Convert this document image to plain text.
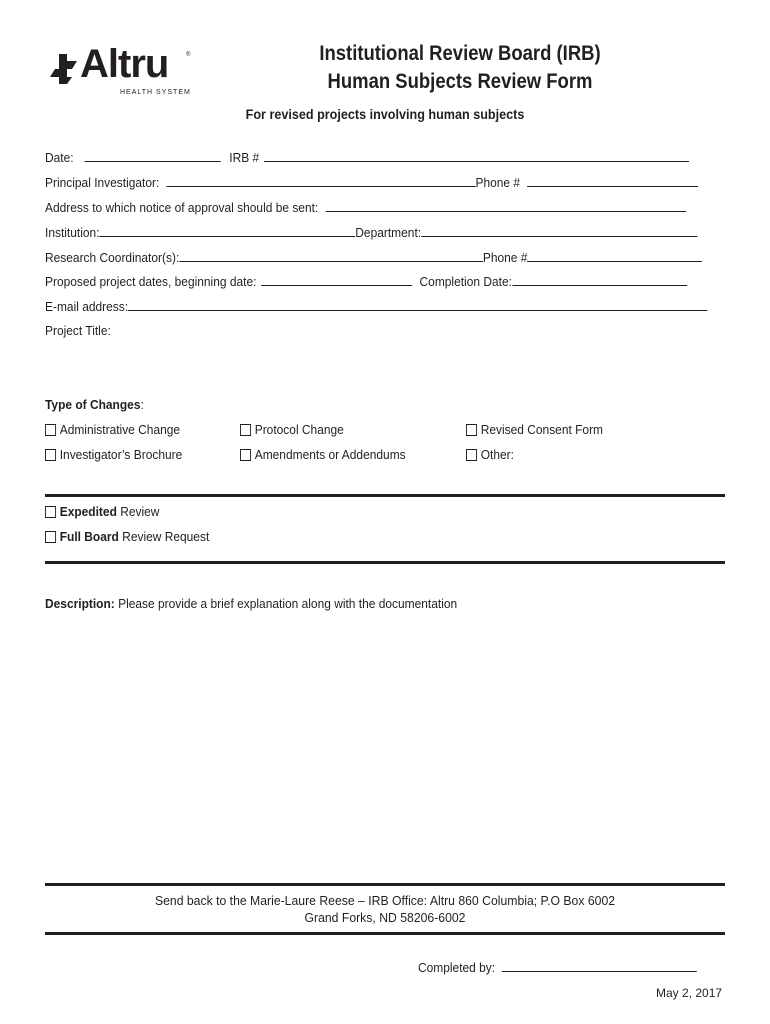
Altru	®
HEALTH SYSTEM
Institutional Review Board (IRB)
Human Subjects Review Form
For revised projects involving human subjects
Date:	IRB #
Principal Investigator:	Phone #
Address to which notice of approval should be sent:
Institution:	Department:
Research Coordinator(s):	Phone #
Proposed project dates, beginning date:	Completion Date:
E-mail address:
Project Title:
Type of Changes:
Administrative Change	Protocol Change	Revised Consent Form
Investigator’s Brochure	Amendments or Addendums	Other:
Expedited Review
Full Board Review Request
Description: Please provide a brief explanation along with the documentation
Send back to the Marie-Laure Reese – IRB Office: Altru 860 Columbia; P.O Box 6002
Grand Forks, ND 58206-6002
Completed by:
May 2, 2017
